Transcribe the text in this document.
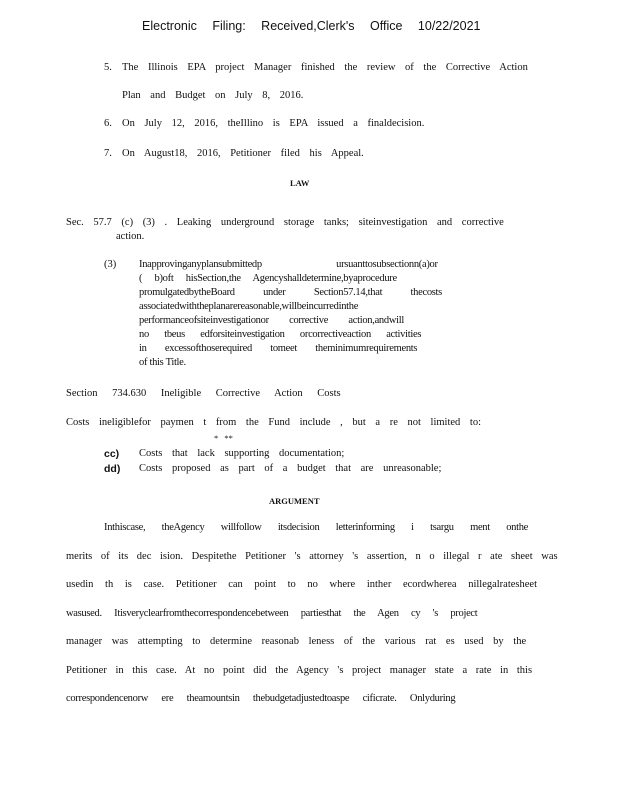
Electronic Filing: Received,Clerk's Office 10/22/2021
5. The Illinois EPA project Manager finished the review of the Corrective Action
Plan and Budget on July 8, 2016.
6. On July 12, 2016, theIllino is EPA issued a finaldecision.
7. On August18, 2016, Petitioner filed his Appeal.
LAW
Sec. 57.7 (c) (3) . Leaking underground storage tanks; siteinvestigation and corrective
action.
(3) Inapprovinganyplansubmittedp ursuanttosubsectionn(a)or
( b)oft hisSection,the Agencyshalldetermine,byaprocedure
promulgatedbytheBoard under Section57.14,that thecosts
associatedwiththeplanarereasonable,willbeincurredinthe
performanceofsiteinvestigationor corrective action,andwill
no tbeus edforsiteinvestigation orcorrectiveaction activities
in excessofthoserequired tomeet theminimumrequirements
of this Title.
Section 734.630 Ineligible Corrective Action Costs
Costs ineligiblefor paymen t from the Fund include , but a re not limited to:
* **
cc) Costs that lack supporting documentation;
dd) Costs proposed as part of a budget that are unreasonable;
ARGUMENT
Inthiscase, theAgency willfollow itsdecision letterinforming i tsargu ment onthe
merits of its dec ision. Despitethe Petitioner 's attorney 's assertion, n o illegal r ate sheet was
usedin th is case. Petitioner can point to no where inther ecordwherea nillegalratesheet
wasused. Itisveryclearfromthecorrespondencebetween partiesthat the Agen cy 's project
manager was attempting to determine reasonab leness of the various rat es used by the
Petitioner in this case. At no point did the Agency 's project manager state a rate in this
correspondencenorw ere theamountsin thebudgetadjustedtoaspe cificrate. Onlyduring
